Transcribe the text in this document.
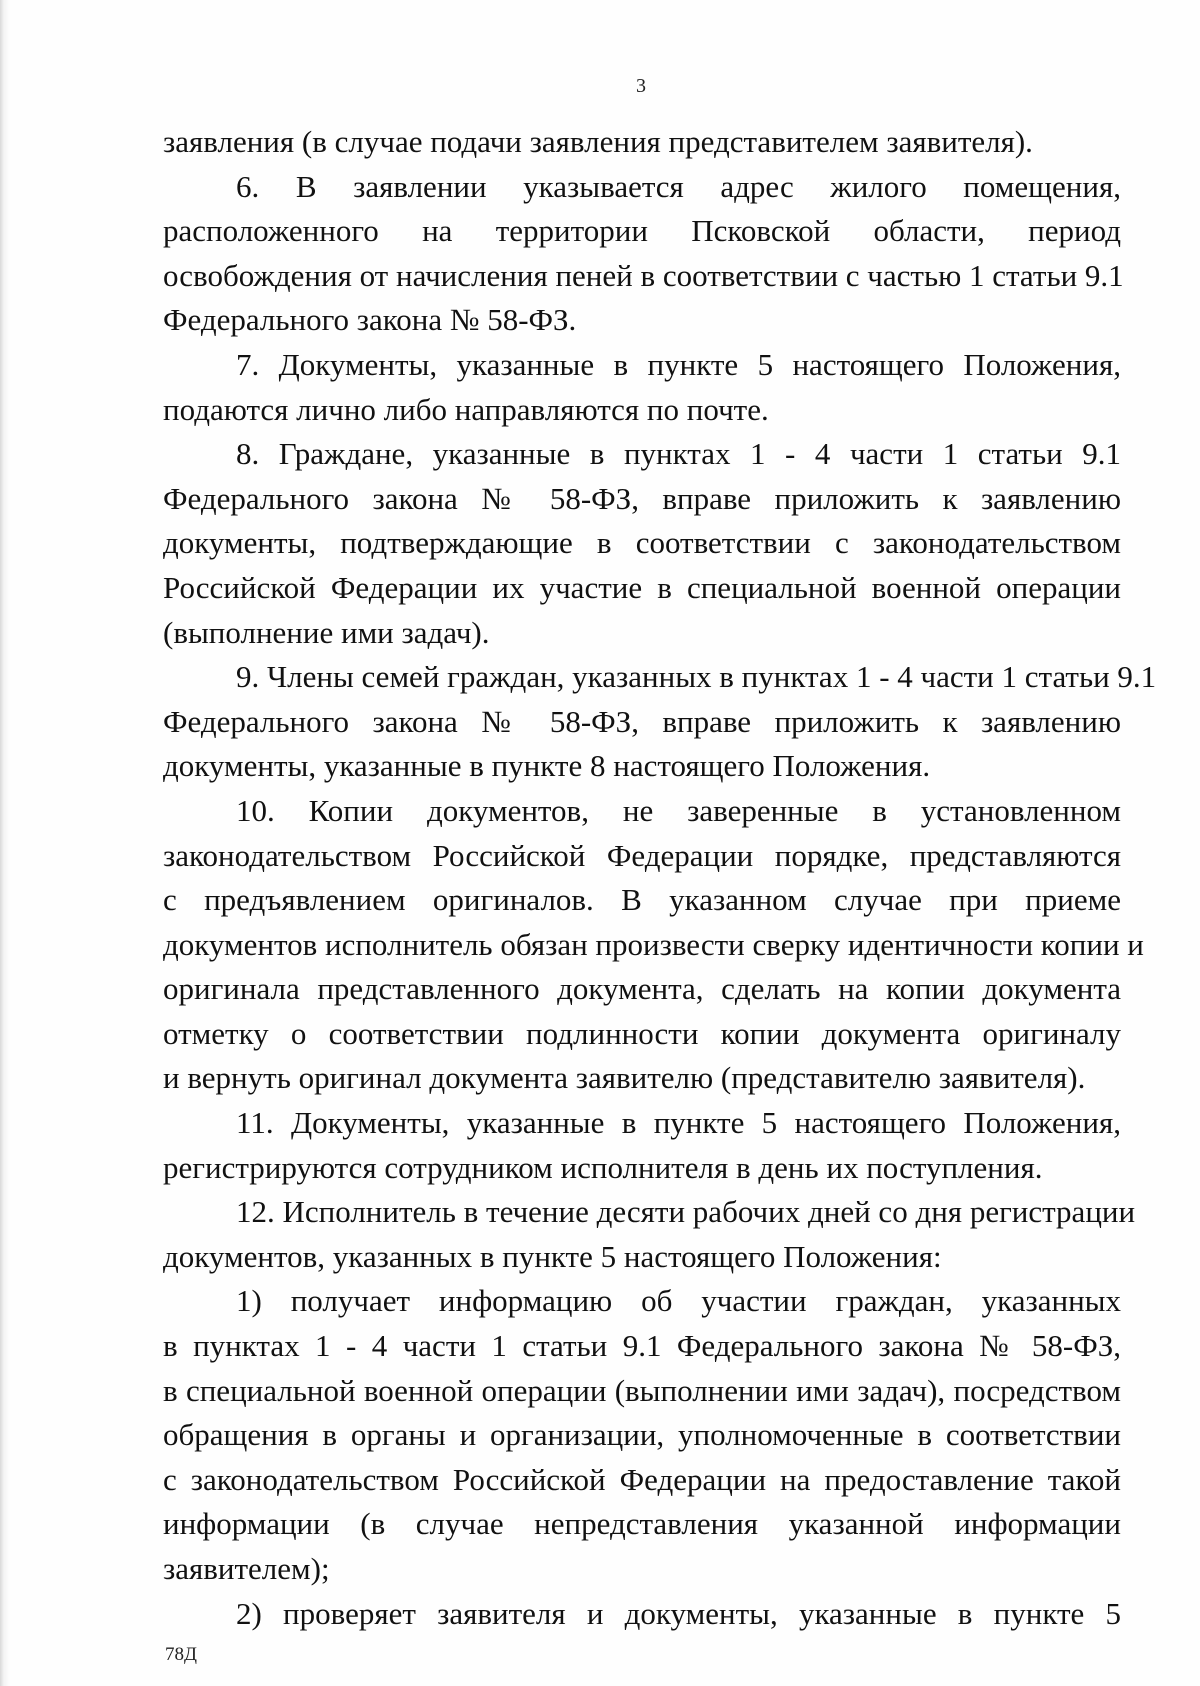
3
заявления (в случае подачи заявления представителем заявителя).
6. В заявлении указывается адрес жилого помещения,
расположенного на территории Псковской области, период
освобождения от начисления пеней в соответствии с частью 1 статьи 9.1
Федерального закона № 58-ФЗ.
7. Документы, указанные в пункте 5 настоящего Положения,
подаются лично либо направляются по почте.
8. Граждане, указанные в пунктах 1 - 4 части 1 статьи 9.1
Федерального закона № 58-ФЗ, вправе приложить к заявлению
документы, подтверждающие в соответствии с законодательством
Российской Федерации их участие в специальной военной операции
(выполнение ими задач).
9. Члены семей граждан, указанных в пунктах 1 - 4 части 1 статьи 9.1
Федерального закона № 58-ФЗ, вправе приложить к заявлению
документы, указанные в пункте 8 настоящего Положения.
10. Копии документов, не заверенные в установленном
законодательством Российской Федерации порядке, представляются
с предъявлением оригиналов. В указанном случае при приеме
документов исполнитель обязан произвести сверку идентичности копии и
оригинала представленного документа, сделать на копии документа
отметку о соответствии подлинности копии документа оригиналу
и вернуть оригинал документа заявителю (представителю заявителя).
11. Документы, указанные в пункте 5 настоящего Положения,
регистрируются сотрудником исполнителя в день их поступления.
12. Исполнитель в течение десяти рабочих дней со дня регистрации
документов, указанных в пункте 5 настоящего Положения:
1) получает информацию об участии граждан, указанных
в пунктах 1 - 4 части 1 статьи 9.1 Федерального закона № 58-ФЗ,
в специальной военной операции (выполнении ими задач), посредством
обращения в органы и организации, уполномоченные в соответствии
с законодательством Российской Федерации на предоставление такой
информации (в случае непредставления указанной информации
заявителем);
2) проверяет заявителя и документы, указанные в пункте 5
78Д
